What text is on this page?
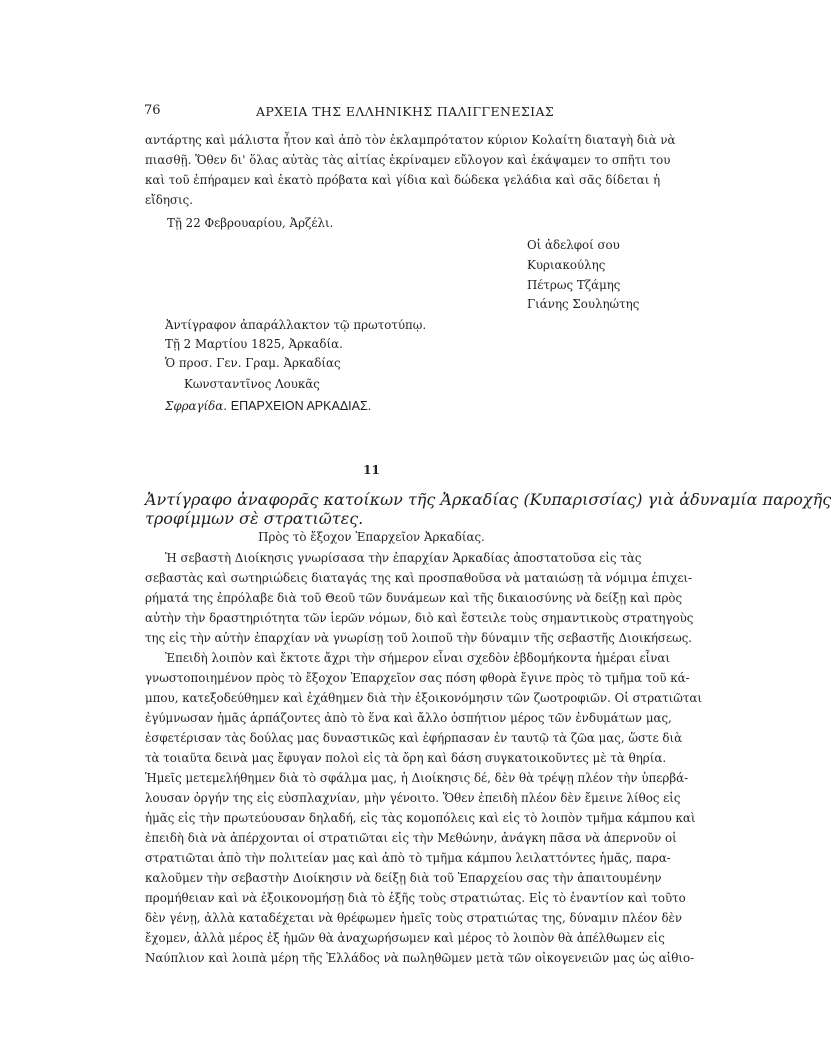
76	ΑΡΧΕΙΑ ΤΗΣ ΕΛΛΗΝΙΚΗΣ ΠΑΛΙΓΓΕΝΕΣΙΑΣ
αντάρτης καὶ μάλιστα ἦτον καὶ ἀπὸ τὸν ἐκλαμπρότατον κύριον Κολαίτη διαταγὴ διὰ νὰ
πιασθῇ. Ὅθεν δι' ὅλας αὐτὰς τὰς αἰτίας ἐκρίναμεν εὔλογον καὶ ἐκάψαμεν το σπῆτι του
καὶ τοῦ ἐπήραμεν καὶ ἑκατὸ πρόβατα καὶ γίδια καὶ δώδεκα γελάδια καὶ σᾶς δίδεται ἡ
εἴδησις.
Τῇ 22 Φεβρουαρίου, Ἀρζέλι.
Οἱ ἀδελφοί σου
Κυριακούλης
Πέτρως Τζάμης
Γιάνης Σουληώτης
Ἀντίγραφον ἀπαράλλακτον τῷ πρωτοτύπῳ.
Τῇ 2 Μαρτίου 1825, Ἀρκαδία.
Ὁ προσ. Γεν. Γραμ. Ἀρκαδίας
Κωνσταντῖνος Λουκᾶς
Σφραγίδα. ΕΠΑΡΧΕΙΟΝ ΑΡΚΑΔΙΑΣ.
11
Ἀντίγραφο ἀναφορᾶς κατοίκων τῆς Ἀρκαδίας (Κυπαρισσίας) γιὰ ἀδυναμία παροχῆς
τροφίμμων σὲ στρατιῶτες.
Πρὸς τὸ ἔξοχον Ἐπαρχεῖον Ἀρκαδίας.
Ἡ σεβαστὴ Διοίκησις γνωρίσασα τὴν ἐπαρχίαν Ἀρκαδίας ἀποστατοῦσα εἰς τὰς
σεβαστὰς καὶ σωτηριώδεις διαταγάς της καὶ προσπαθοῦσα νὰ ματαιώσῃ τὰ νόμιμα ἐπιχει-
ρήματά της ἐπρόλαβε διὰ τοῦ Θεοῦ τῶν δυνάμεων καὶ τῆς δικαιοσύνης νὰ δείξῃ καὶ πρὸς
αὐτὴν τὴν δραστηριότητα τῶν ἱερῶν νόμων, διὸ καὶ ἔστειλε τοὺς σημαντικοὺς στρατηγοὺς
της εἰς τὴν αὐτὴν ἐπαρχίαν νὰ γνωρίσῃ τοῦ λοιποῦ τὴν δύναμιν τῆς σεβαστῆς Διοικήσεως.
Ἐπειδὴ λοιπὸν καὶ ἔκτοτε ἄχρι τὴν σήμερον εἶναι σχεδὸν ἑβδομήκοντα ἡμέραι εἶναι
γνωστοποιημένον πρὸς τὸ ἔξοχον Ἐπαρχεῖον σας πόση φθορὰ ἔγινε πρὸς τὸ τμῆμα τοῦ κά-
μπου, κατεξοδεύθημεν καὶ ἐχάθημεν διὰ τὴν ἐξοικονόμησιν τῶν ζωοτροφιῶν. Οἱ στρατιῶται
ἐγύμνωσαν ἡμᾶς ἁρπάζοντες ἀπὸ τὸ ἕνα καὶ ἄλλο ὁσπήτιον μέρος τῶν ἐνδυμάτων μας,
ἐσφετέρισαν τὰς δούλας μας δυναστικῶς καὶ ἐφήρπασαν ἐν ταυτῷ τὰ ζῶα μας, ὥστε διὰ
τὰ τοιαῦτα δεινὰ μας ἔφυγαν πολοὶ εἰς τὰ ὄρη καὶ δάση συγκατοικοῦντες μὲ τὰ θηρία.
Ἡμεῖς μετεμελήθημεν διὰ τὸ σφάλμα μας, ἡ Διοίκησις δέ, δὲν θὰ τρέψῃ πλέον τὴν ὑπερβά-
λουσαν ὀργήν της εἰς εὐσπλαχνίαν, μὴν γένοιτο. Ὅθεν ἐπειδὴ πλέον δὲν ἔμεινε λίθος εἰς
ἡμᾶς εἰς τὴν πρωτεύουσαν δηλαδή, εἰς τὰς κομοπόλεις καὶ εἰς τὸ λοιπὸν τμῆμα κάμπου καὶ
ἐπειδὴ διὰ νὰ ἀπέρχονται οἱ στρατιῶται εἰς τὴν Μεθώνην, ἀνάγκη πᾶσα νὰ ἀπερνοῦν οἱ
στρατιῶται ἀπὸ τὴν πολιτείαν μας καὶ ἀπὸ τὸ τμῆμα κάμπου λειλαττόντες ἡμᾶς, παρα-
καλοῦμεν τὴν σεβαστὴν Διοίκησιν νὰ δείξῃ διὰ τοῦ Ἐπαρχείου σας τὴν ἀπαιτουμένην
προμήθειαν καὶ νὰ ἐξοικονομήσῃ διὰ τὸ ἑξῆς τοὺς στρατιώτας. Εἰς τὸ ἐναντίον καὶ τοῦτο
δὲν γένῃ, ἀλλὰ καταδέχεται νὰ θρέφωμεν ἡμεῖς τοὺς στρατιώτας της, δύναμιν πλέον δὲν
ἔχομεν, ἀλλὰ μέρος ἐξ ἡμῶν θὰ ἀναχωρήσωμεν καὶ μέρος τὸ λοιπὸν θὰ ἀπέλθωμεν εἰς
Ναύπλιον καὶ λοιπὰ μέρη τῆς Ἑλλάδος νὰ πωληθῶμεν μετὰ τῶν οἰκογενειῶν μας ὡς αἰθιο-
